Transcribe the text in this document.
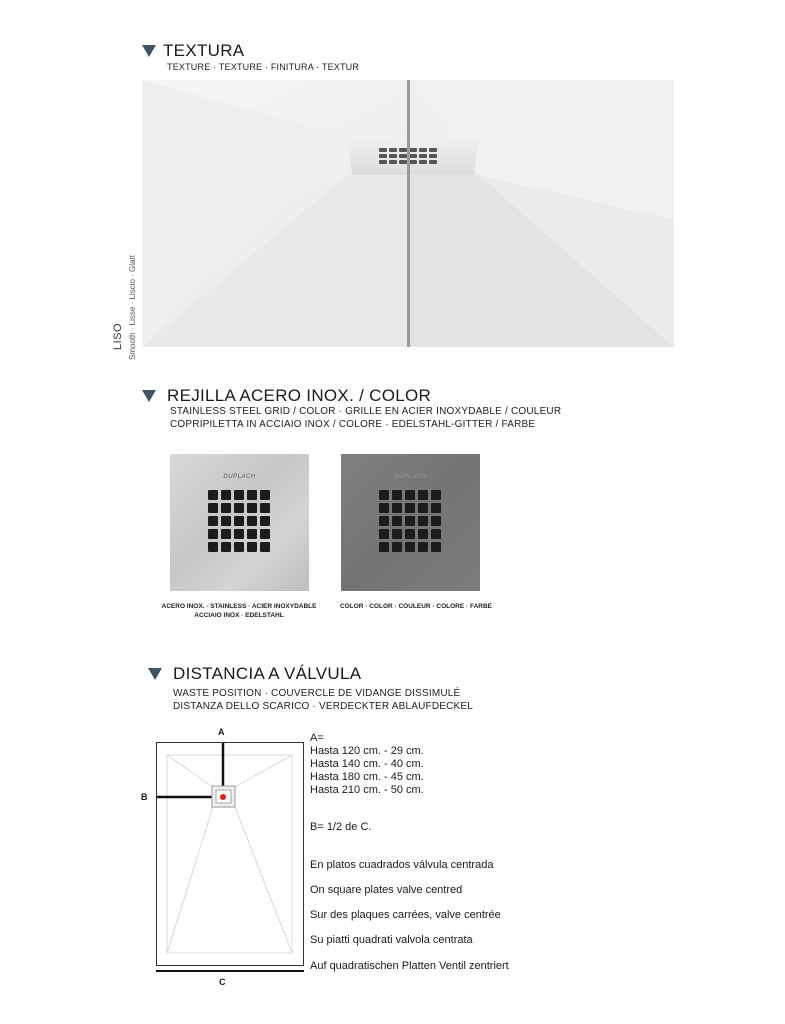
TEXTURA
TEXTURE · TEXTURE · FINITURA · TEXTUR
LISO Smooth · Lisse · Liscio · Glatt
REJILLA ACERO INOX. / COLOR
STAINLESS STEEL GRID / COLOR · GRILLE EN ACIER INOXYDABLE / COULEUR
COPRIPILETTA IN ACCIAIO INOX / COLORE · EDELSTAHL-GITTER / FARBE
DUPLACH	DUPLACH
ACERO INOX. · STAINLESS · ACIER INOXYDABLE
ACCIAIO INOX · EDELSTAHL
COLOR · COLOR · COULEUR · COLORE · FARBE
DISTANCIA A VÁLVULA
WASTE POSITION · COUVERCLE DE VIDANGE DISSIMULÉ
DISTANZA DELLO SCARICO · VERDECKTER ABLAUFDECKEL
A
B
C
A=
Hasta 120 cm. - 29 cm.
Hasta 140 cm. - 40 cm.
Hasta 180 cm. - 45 cm.
Hasta 210 cm. - 50 cm.
B= 1/2 de C.
En platos cuadrados válvula centrada
On square plates valve centred
Sur des plaques carrées, valve centrée
Su piatti quadrati valvola centrata
Auf quadratischen Platten Ventil zentriert
